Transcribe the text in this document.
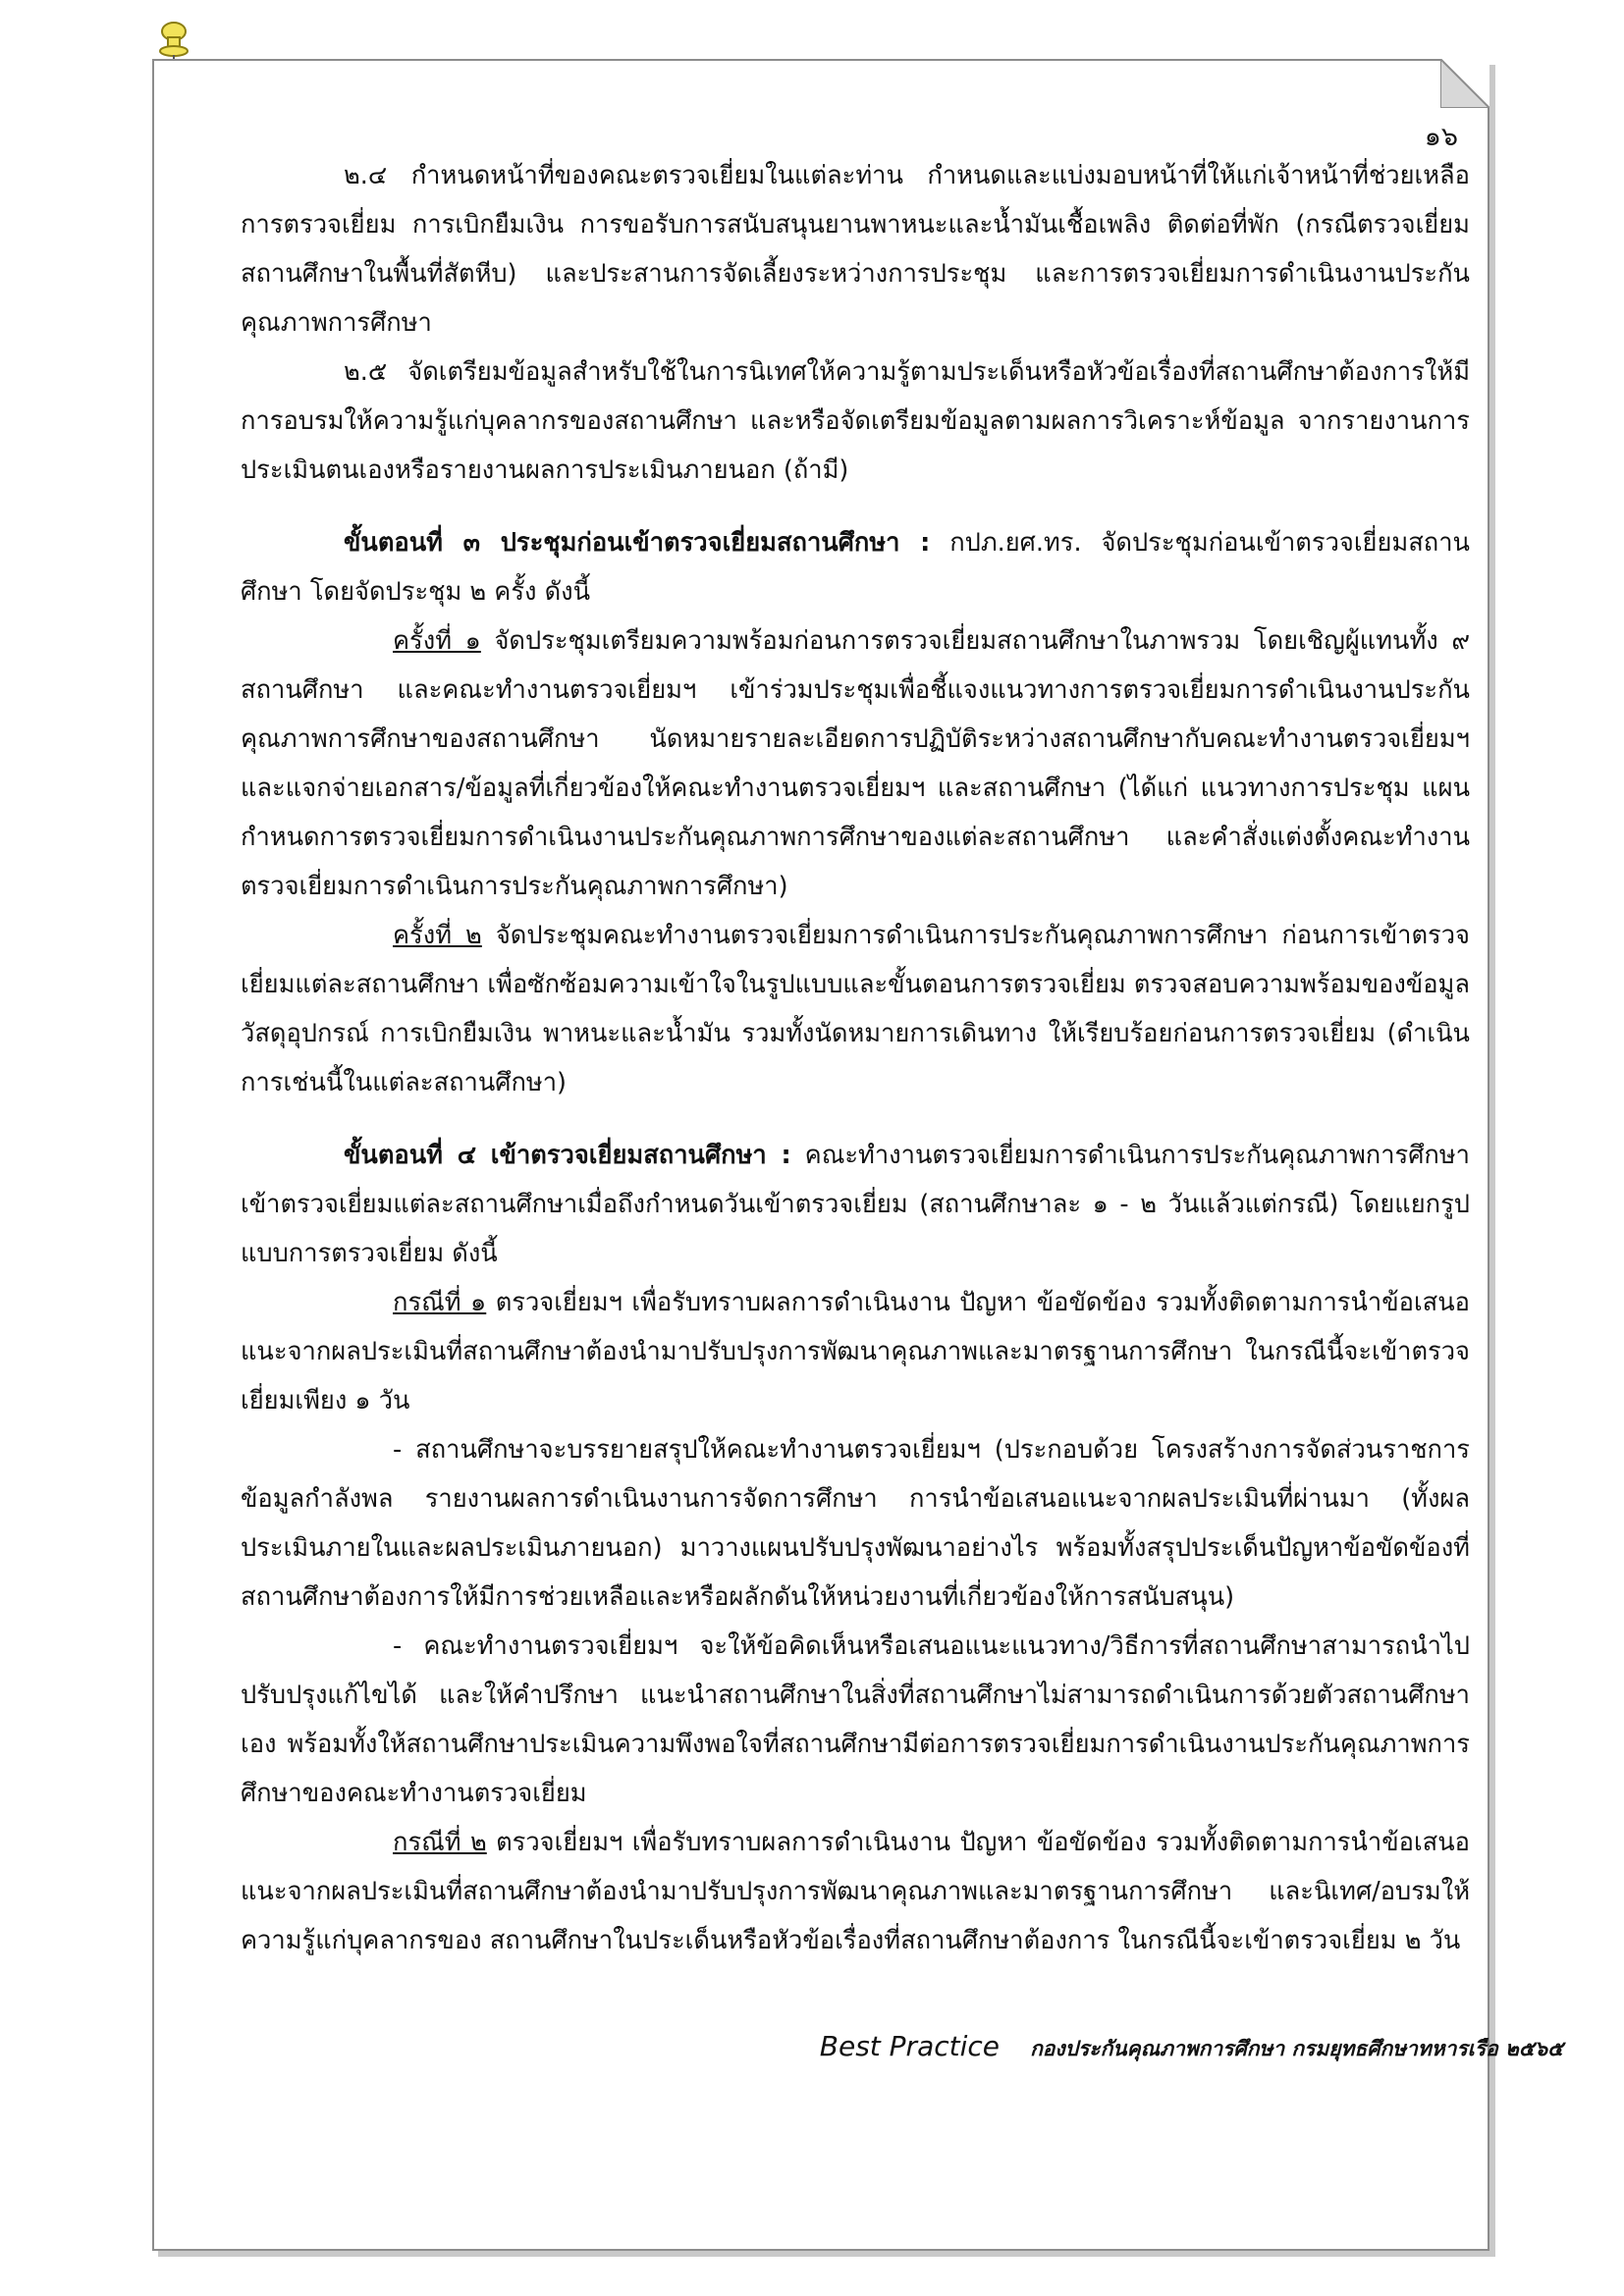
๑๖

๒.๔ กำหนดหน้าที่ของคณะตรวจเยี่ยมในแต่ละท่าน กำหนดและแบ่งมอบหน้าที่ให้แก่เจ้าหน้าที่ช่วยเหลือการตรวจเยี่ยม การเบิกยืมเงิน การขอรับการสนับสนุนยานพาหนะและน้ำมันเชื้อเพลิง ติดต่อที่พัก (กรณีตรวจเยี่ยมสถานศึกษาในพื้นที่สัตหีบ) และประสานการจัดเลี้ยงระหว่างการประชุม และการตรวจเยี่ยมการดำเนินงานประกันคุณภาพการศึกษา

๒.๕ จัดเตรียมข้อมูลสำหรับใช้ในการนิเทศให้ความรู้ตามประเด็นหรือหัวข้อเรื่องที่สถานศึกษาต้องการให้มีการอบรมให้ความรู้แก่บุคลากรของสถานศึกษา และหรือจัดเตรียมข้อมูลตามผลการวิเคราะห์ข้อมูล จากรายงานการประเมินตนเองหรือรายงานผลการประเมินภายนอก (ถ้ามี)

ขั้นตอนที่ ๓ ประชุมก่อนเข้าตรวจเยี่ยมสถานศึกษา : กปภ.ยศ.ทร. จัดประชุมก่อนเข้าตรวจเยี่ยมสถานศึกษา โดยจัดประชุม ๒ ครั้ง ดังนี้

ครั้งที่ ๑ จัดประชุมเตรียมความพร้อมก่อนการตรวจเยี่ยมสถานศึกษาในภาพรวม โดยเชิญผู้แทนทั้ง ๙ สถานศึกษา และคณะทำงานตรวจเยี่ยมฯ เข้าร่วมประชุมเพื่อชี้แจงแนวทางการตรวจเยี่ยมการดำเนินงานประกันคุณภาพการศึกษาของสถานศึกษา นัดหมายรายละเอียดการปฏิบัติระหว่างสถานศึกษากับคณะทำงานตรวจเยี่ยมฯ และแจกจ่ายเอกสาร/ข้อมูลที่เกี่ยวข้องให้คณะทำงานตรวจเยี่ยมฯ และสถานศึกษา (ได้แก่ แนวทางการประชุม แผนกำหนดการตรวจเยี่ยมการดำเนินงานประกันคุณภาพการศึกษาของแต่ละสถานศึกษา และคำสั่งแต่งตั้งคณะทำงานตรวจเยี่ยมการดำเนินการประกันคุณภาพการศึกษา)

ครั้งที่ ๒ จัดประชุมคณะทำงานตรวจเยี่ยมการดำเนินการประกันคุณภาพการศึกษา ก่อนการเข้าตรวจเยี่ยมแต่ละสถานศึกษา เพื่อซักซ้อมความเข้าใจในรูปแบบและขั้นตอนการตรวจเยี่ยม ตรวจสอบความพร้อมของข้อมูล วัสดุอุปกรณ์ การเบิกยืมเงิน พาหนะและน้ำมัน รวมทั้งนัดหมายการเดินทาง ให้เรียบร้อยก่อนการตรวจเยี่ยม (ดำเนินการเช่นนี้ในแต่ละสถานศึกษา)

ขั้นตอนที่ ๔ เข้าตรวจเยี่ยมสถานศึกษา : คณะทำงานตรวจเยี่ยมการดำเนินการประกันคุณภาพการศึกษา เข้าตรวจเยี่ยมแต่ละสถานศึกษาเมื่อถึงกำหนดวันเข้าตรวจเยี่ยม (สถานศึกษาละ ๑ - ๒ วันแล้วแต่กรณี) โดยแยกรูปแบบการตรวจเยี่ยม ดังนี้

กรณีที่ ๑ ตรวจเยี่ยมฯ เพื่อรับทราบผลการดำเนินงาน ปัญหา ข้อขัดข้อง รวมทั้งติดตามการนำข้อเสนอแนะจากผลประเมินที่สถานศึกษาต้องนำมาปรับปรุงการพัฒนาคุณภาพและมาตรฐานการศึกษา ในกรณีนี้จะเข้าตรวจเยี่ยมเพียง ๑ วัน

- สถานศึกษาจะบรรยายสรุปให้คณะทำงานตรวจเยี่ยมฯ (ประกอบด้วย โครงสร้างการจัดส่วนราชการ ข้อมูลกำลังพล รายงานผลการดำเนินงานการจัดการศึกษา การนำข้อเสนอแนะจากผลประเมินที่ผ่านมา (ทั้งผลประเมินภายในและผลประเมินภายนอก) มาวางแผนปรับปรุงพัฒนาอย่างไร พร้อมทั้งสรุปประเด็นปัญหาข้อขัดข้องที่สถานศึกษาต้องการให้มีการช่วยเหลือและหรือผลักดันให้หน่วยงานที่เกี่ยวข้องให้การสนับสนุน)

- คณะทำงานตรวจเยี่ยมฯ จะให้ข้อคิดเห็นหรือเสนอแนะแนวทาง/วิธีการที่สถานศึกษาสามารถนำไปปรับปรุงแก้ไขได้ และให้คำปรึกษา แนะนำสถานศึกษาในสิ่งที่สถานศึกษาไม่สามารถดำเนินการด้วยตัวสถานศึกษาเอง พร้อมทั้งให้สถานศึกษาประเมินความพึงพอใจที่สถานศึกษามีต่อการตรวจเยี่ยมการดำเนินงานประกันคุณภาพการศึกษาของคณะทำงานตรวจเยี่ยม

กรณีที่ ๒ ตรวจเยี่ยมฯ เพื่อรับทราบผลการดำเนินงาน ปัญหา ข้อขัดข้อง รวมทั้งติดตามการนำข้อเสนอแนะจากผลประเมินที่สถานศึกษาต้องนำมาปรับปรุงการพัฒนาคุณภาพและมาตรฐานการศึกษา และนิเทศ/อบรมให้ความรู้แก่บุคลากรของ สถานศึกษาในประเด็นหรือหัวข้อเรื่องที่สถานศึกษาต้องการ ในกรณีนี้จะเข้าตรวจเยี่ยม ๒ วัน

Best Practice กองประกันคุณภาพการศึกษา กรมยุทธศึกษาทหารเรือ ๒๕๖๕
